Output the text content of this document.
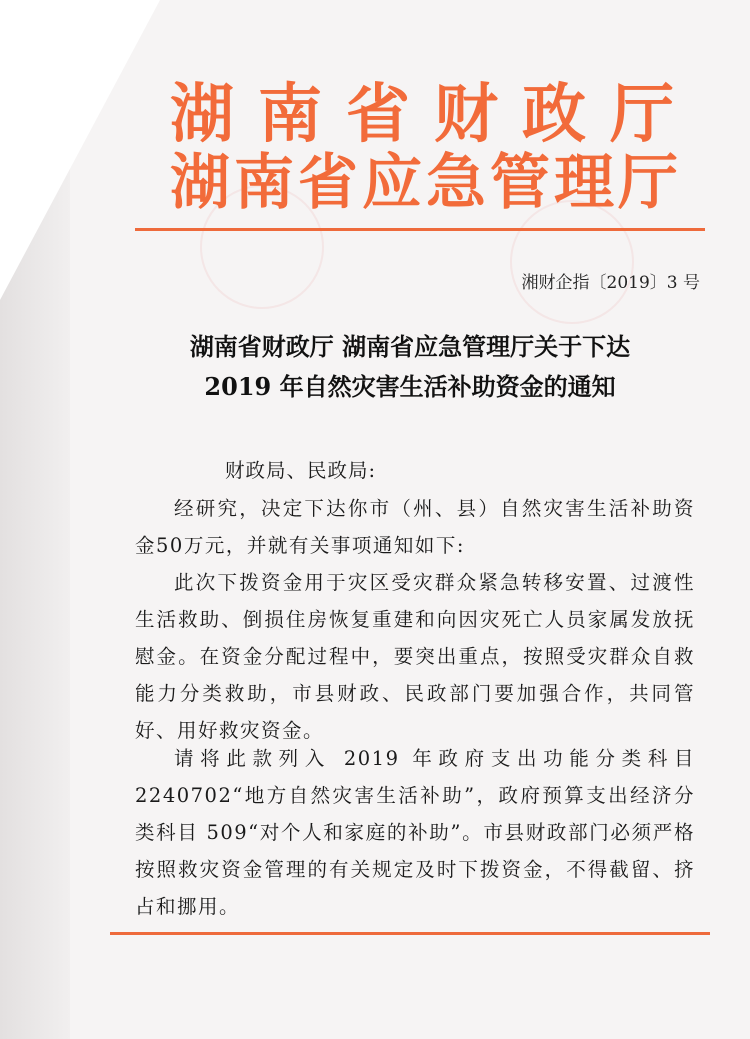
湖南省财政厅
湖南省应急管理厅
湘财企指〔2019〕3 号
湖南省财政厅 湖南省应急管理厅关于下达
2019 年自然灾害生活补助资金的通知
财政局、民政局:
经研究，决定下达你市（州、县）自然灾害生活补助资金50万元，并就有关事项通知如下:
此次下拨资金用于灾区受灾群众紧急转移安置、过渡性生活救助、倒损住房恢复重建和向因灾死亡人员家属发放抚慰金。在资金分配过程中，要突出重点，按照受灾群众自救能力分类救助，市县财政、民政部门要加强合作，共同管好、用好救灾资金。
请将此款列入 2019 年政府支出功能分类科目 2240702“地方自然灾害生活补助”，政府预算支出经济分类科目 509“对个人和家庭的补助”。市县财政部门必须严格按照救灾资金管理的有关规定及时下拨资金，不得截留、挤占和挪用。
